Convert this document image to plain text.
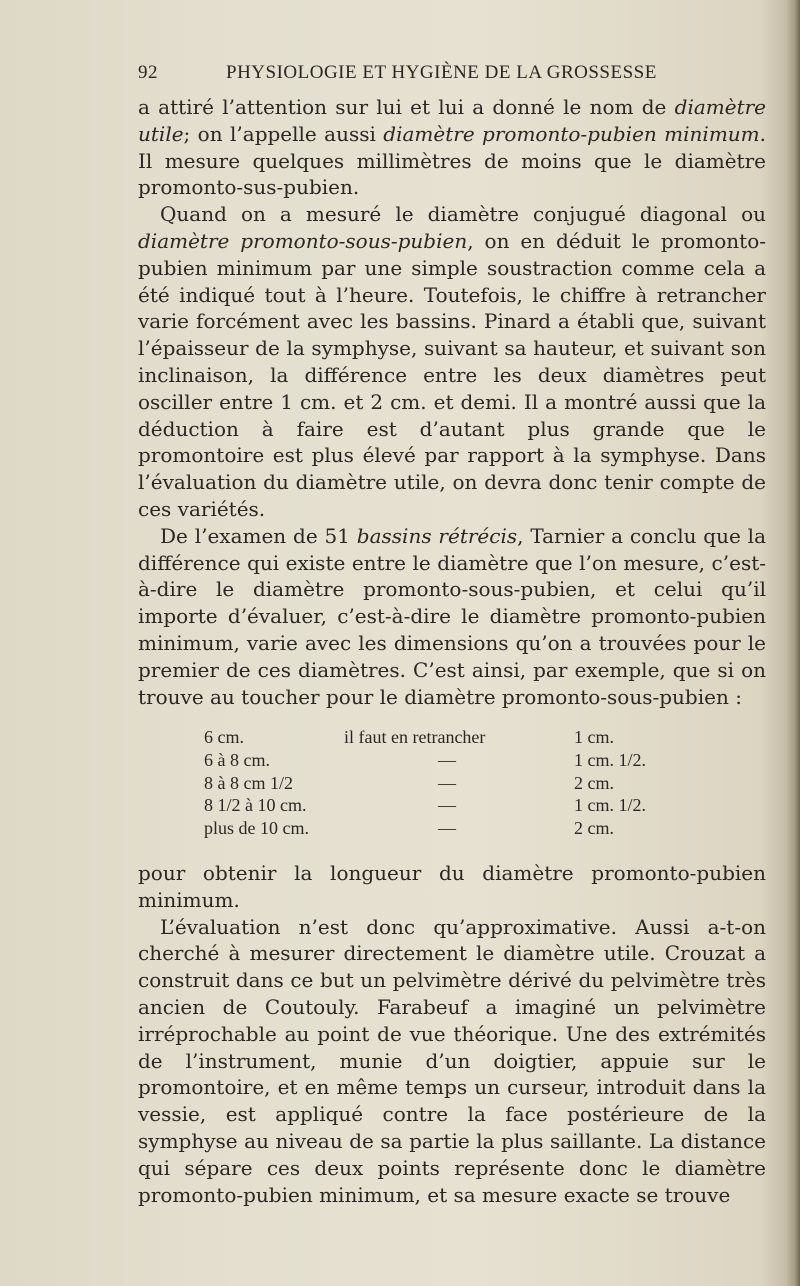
92	PHYSIOLOGIE ET HYGIÈNE DE LA GROSSESSE

a attiré l’attention sur lui et lui a donné le nom de diamètre utile; on l’appelle aussi diamètre promonto-pubien minimum. Il mesure quelques millimètres de moins que le diamètre promonto-sus-pubien.

Quand on a mesuré le diamètre conjugué diagonal ou diamètre promonto-sous-pubien, on en déduit le promonto-pubien minimum par une simple soustraction comme cela a été indiqué tout à l’heure. Toutefois, le chiffre à retrancher varie forcément avec les bassins. Pinard a établi que, suivant l’épaisseur de la symphyse, suivant sa hauteur, et suivant son inclinaison, la différence entre les deux diamètres peut osciller entre 1 cm. et 2 cm. et demi. Il a montré aussi que la déduction à faire est d’autant plus grande que le promontoire est plus élevé par rapport à la symphyse. Dans l’évaluation du diamètre utile, on devra donc tenir compte de ces variétés.

De l’examen de 51 bassins rétrécis, Tarnier a conclu que la différence qui existe entre le diamètre que l’on mesure, c’est-à-dire le diamètre promonto-sous-pubien, et celui qu’il importe d’évaluer, c’est-à-dire le diamètre promonto-pubien minimum, varie avec les dimensions qu’on a trouvées pour le premier de ces diamètres. C’est ainsi, par exemple, que si on trouve au toucher pour le diamètre promonto-sous-pubien :

6 cm.	il faut en retrancher	1 cm.
6 à 8 cm.	—	1 cm. 1/2.
8 à 8 cm 1/2	—	2 cm.
8 1/2 à 10 cm.	—	1 cm. 1/2.
plus de 10 cm.	—	2 cm.

pour obtenir la longueur du diamètre promonto-pubien minimum.

L’évaluation n’est donc qu’approximative. Aussi a-t-on cherché à mesurer directement le diamètre utile. Crouzat a construit dans ce but un pelvimètre dérivé du pelvimètre très ancien de Coutouly. Farabeuf a imaginé un pelvimètre irréprochable au point de vue théorique. Une des extrémités de l’instrument, munie d’un doigtier, appuie sur le promontoire, et en même temps un curseur, introduit dans la vessie, est appliqué contre la face postérieure de la symphyse au niveau de sa partie la plus saillante. La distance qui sépare ces deux points représente donc le diamètre promonto-pubien minimum, et sa mesure exacte se trouve
